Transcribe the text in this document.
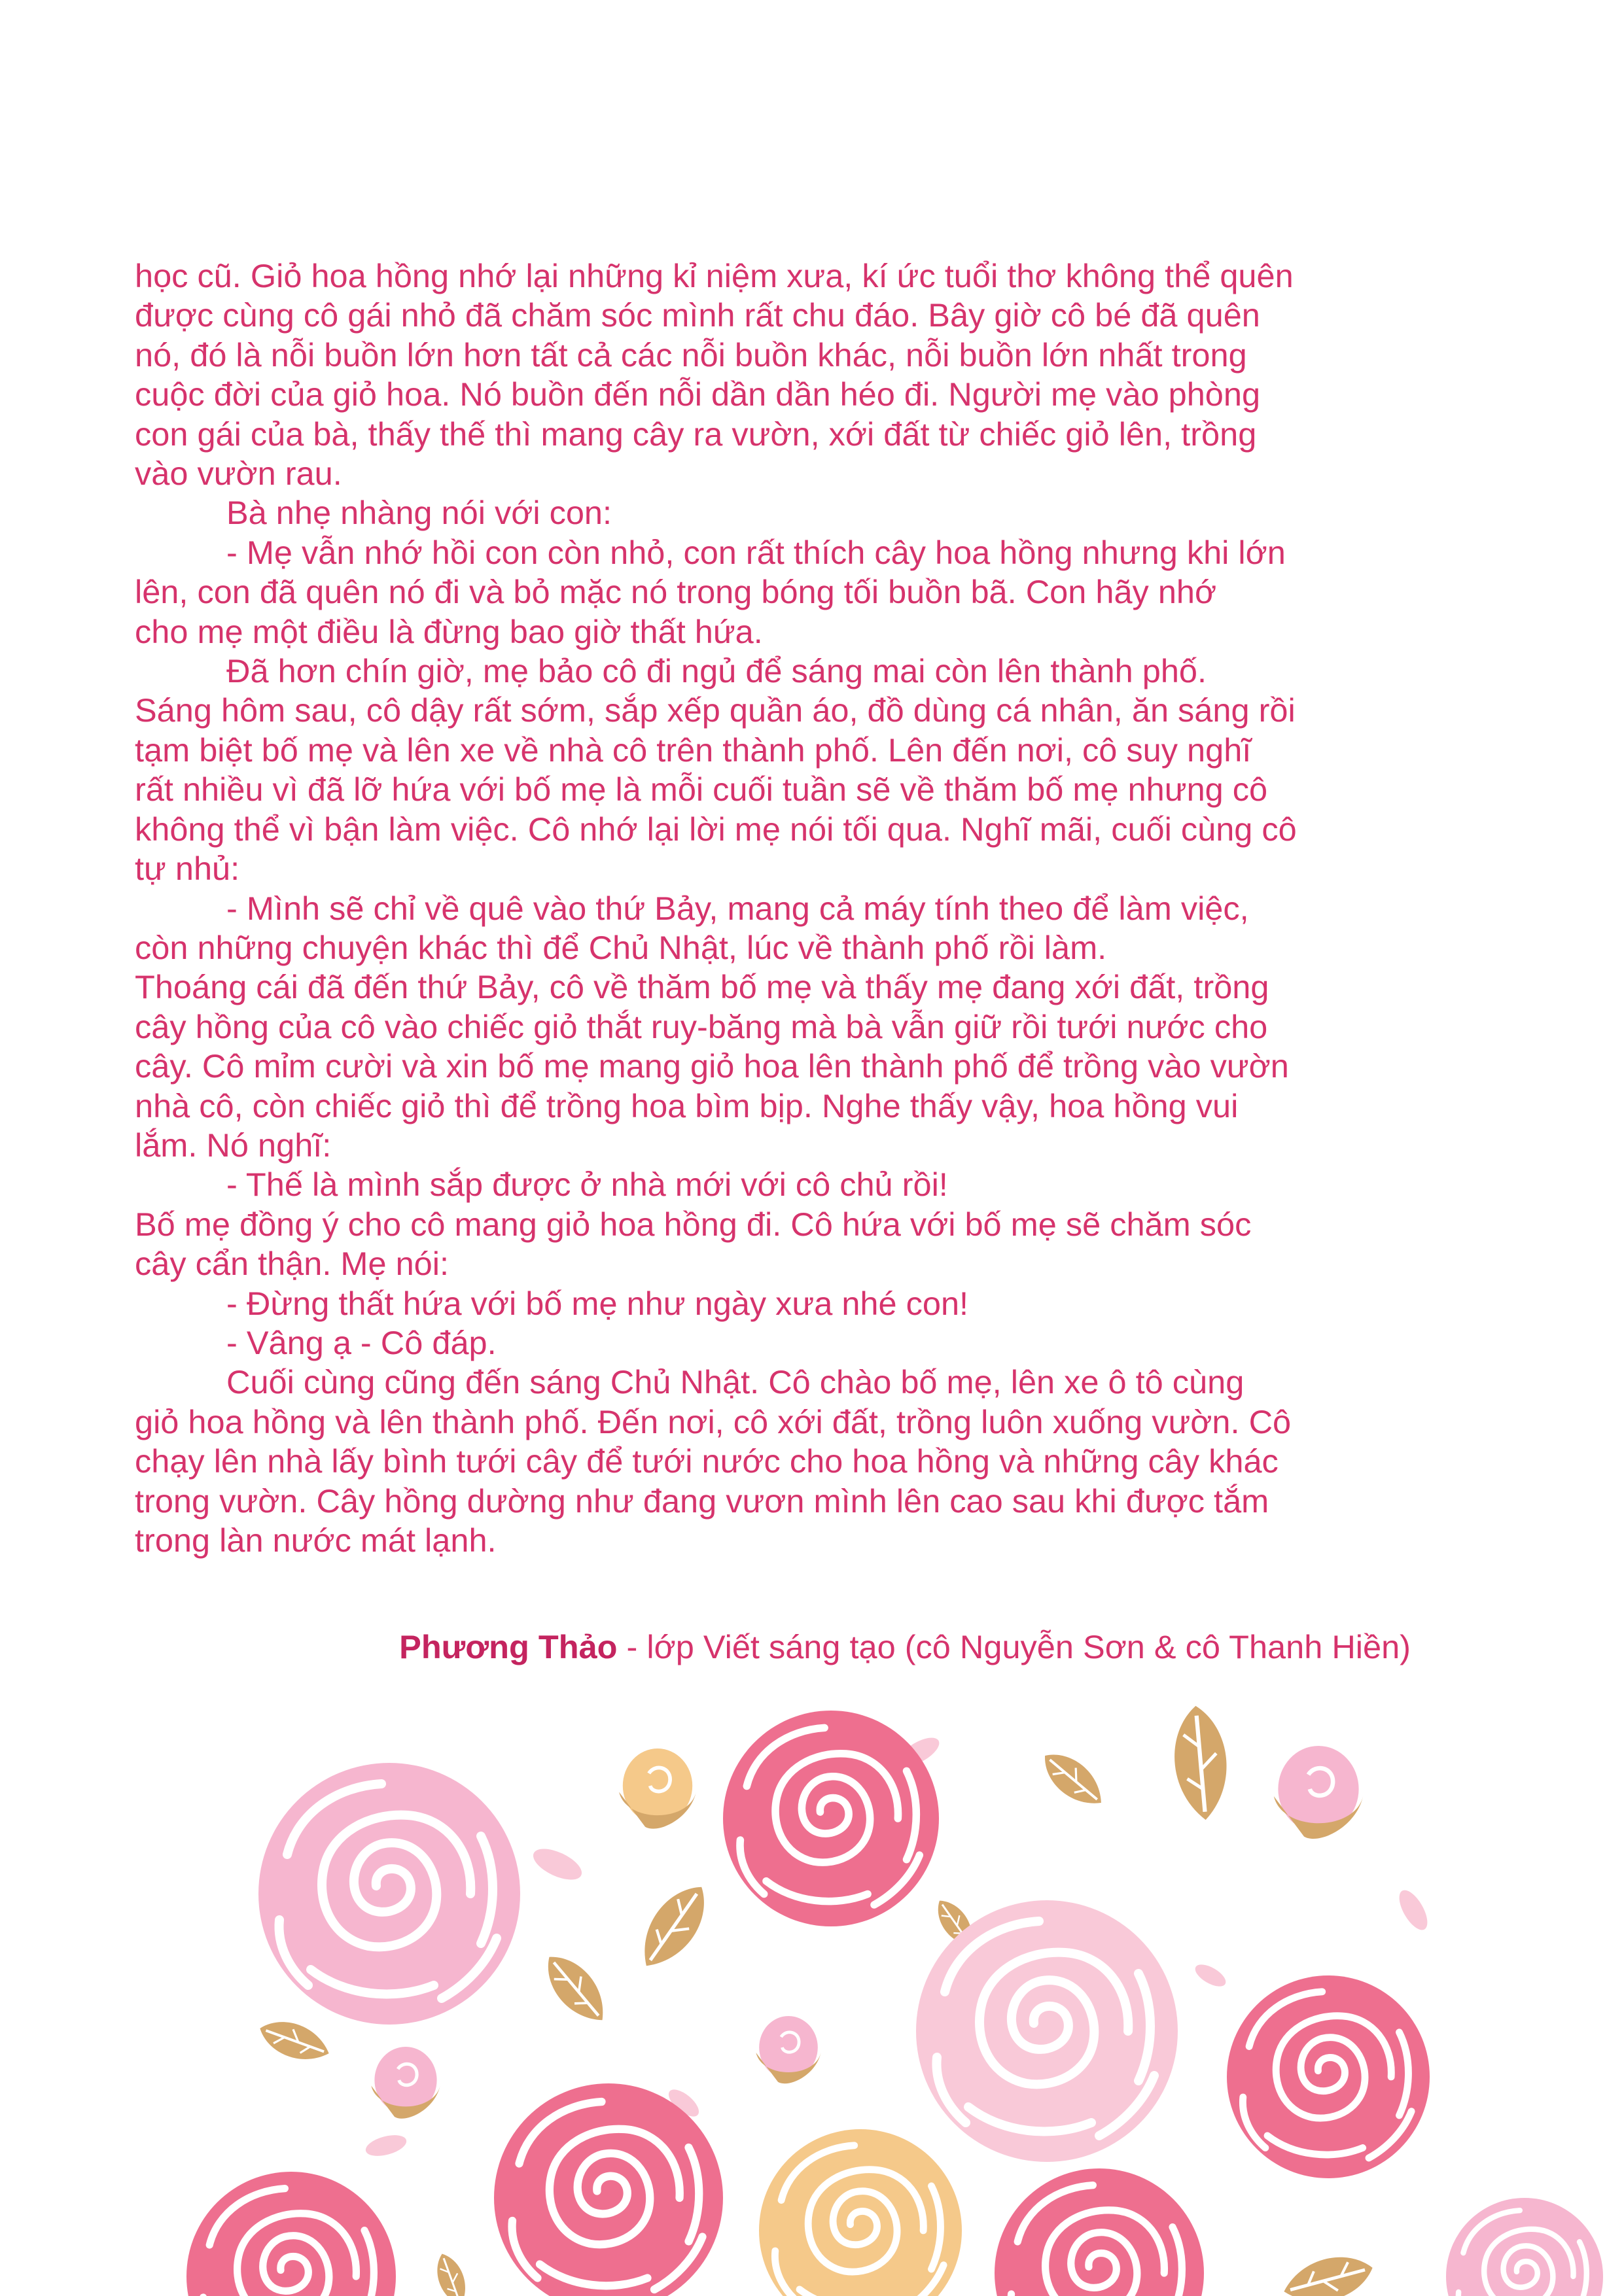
học cũ. Giỏ hoa hồng nhớ lại những kỉ niệm xưa, kí ức tuổi thơ không thể quên

được cùng cô gái nhỏ đã chăm sóc mình rất chu đáo. Bây giờ cô bé đã quên

nó, đó là nỗi buồn lớn hơn tất cả các nỗi buồn khác, nỗi buồn lớn nhất trong

cuộc đời của giỏ hoa. Nó buồn đến nỗi dần dần héo đi. Người mẹ vào phòng

con gái của bà, thấy thế thì mang cây ra vườn, xới đất từ chiếc giỏ lên, trồng

vào vườn rau.

Bà nhẹ nhàng nói với con:

- Mẹ vẫn nhớ hồi con còn nhỏ, con rất thích cây hoa hồng nhưng khi lớn

lên, con đã quên nó đi và bỏ mặc nó trong bóng tối buồn bã. Con hãy nhớ

cho mẹ một điều là đừng bao giờ thất hứa.

Đã hơn chín giờ, mẹ bảo cô đi ngủ để sáng mai còn lên thành phố.

Sáng hôm sau, cô dậy rất sớm, sắp xếp quần áo, đồ dùng cá nhân, ăn sáng rồi

tạm biệt bố mẹ và lên xe về nhà cô trên thành phố. Lên đến nơi, cô suy nghĩ

rất nhiều vì đã lỡ hứa với bố mẹ là mỗi cuối tuần sẽ về thăm bố mẹ nhưng cô

không thể vì bận làm việc. Cô nhớ lại lời mẹ nói tối qua. Nghĩ mãi, cuối cùng cô

tự nhủ:

- Mình sẽ chỉ về quê vào thứ Bảy, mang cả máy tính theo để làm việc,

còn những chuyện khác thì để Chủ Nhật, lúc về thành phố rồi làm.

Thoáng cái đã đến thứ Bảy, cô về thăm bố mẹ và thấy mẹ đang xới đất, trồng

cây hồng của cô vào chiếc giỏ thắt ruy-băng mà bà vẫn giữ rồi tưới nước cho

cây. Cô mỉm cười và xin bố mẹ mang giỏ hoa lên thành phố để trồng vào vườn

nhà cô, còn chiếc giỏ thì để trồng hoa bìm bịp. Nghe thấy vậy, hoa hồng vui

lắm. Nó nghĩ:

- Thế là mình sắp được ở nhà mới với cô chủ rồi!

Bố mẹ đồng ý cho cô mang giỏ hoa hồng đi. Cô hứa với bố mẹ sẽ chăm sóc

cây cẩn thận. Mẹ nói:

- Đừng thất hứa với bố mẹ như ngày xưa nhé con!

- Vâng ạ - Cô đáp.

Cuối cùng cũng đến sáng Chủ Nhật. Cô chào bố mẹ, lên xe ô tô cùng

giỏ hoa hồng và lên thành phố. Đến nơi, cô xới đất, trồng luôn xuống vườn. Cô

chạy lên nhà lấy bình tưới cây để tưới nước cho hoa hồng và những cây khác

trong vườn. Cây hồng dường như đang vươn mình lên cao sau khi được tắm

trong làn nước mát lạnh.

Phương Thảo - lớp Viết sáng tạo (cô Nguyễn Sơn & cô Thanh Hiền)
